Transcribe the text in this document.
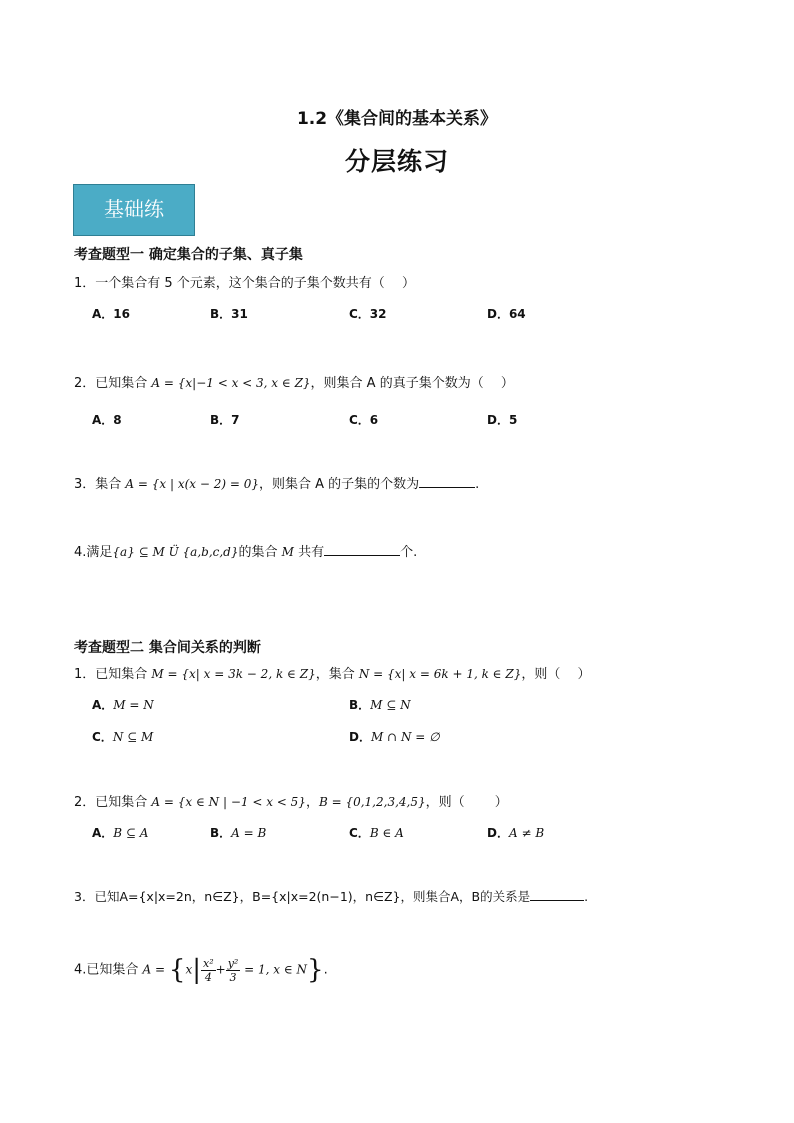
1.2《集合间的基本关系》
分层练习
基础练
考查题型一 确定集合的子集、真子集
1．一个集合有 5 个元素，这个集合的子集个数共有（　 ）
A．16	B．31	C．32	D．64
2．已知集合 A = {x|−1 < x < 3, x ∈ Z}，则集合 A 的真子集个数为（　 ）
A．8	B．7	C．6	D．5
3．集合 A = {x | x(x − 2) = 0}，则集合 A 的子集的个数为	.
4.满足{a} ⊆ M Ü {a,b,c,d}的集合 M 共有	个.
考查题型二 集合间关系的判断
1．已知集合 M = {x| x = 3k − 2, k ∈ Z}，集合 N = {x| x = 6k + 1, k ∈ Z}，则（　 ）
A．M = N	B．M ⊆ N
C．N ⊆ M	D．M ∩ N = ∅
2．已知集合 A = {x ∈ N | −1 < x < 5}，B = {0,1,2,3,4,5}，则（　　 ）
A．B ⊆ A	B．A = B	C．B ∈ A	D．A ≠ B
3．已知A={x|x=2n，n∈Z}，B={x|x=2(n−1)，n∈Z}，则集合A，B的关系是	.
4.已知集合 $A = \{x| \frac{\text{x²}}{4} + \frac{\text{y²}}{3} = 1$, x ∈ N}.
